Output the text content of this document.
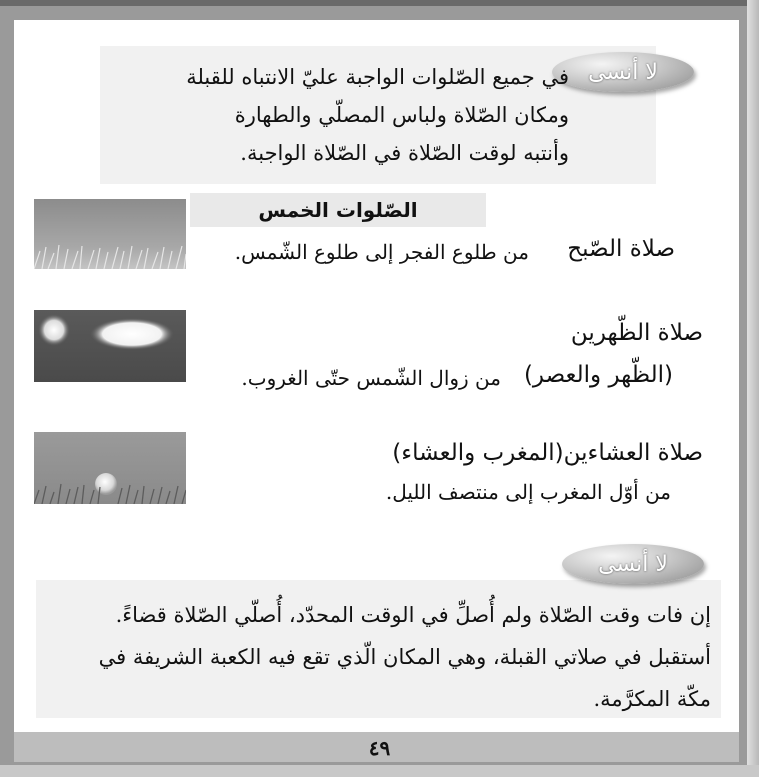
لا أنسى
في جميع الصّلوات الواجبة عليّ الانتباه للقبلة
ومكان الصّلاة ولباس المصلّي والطهارة
وأنتبه لوقت الصّلاة في الصّلاة الواجبة.
الصّلوات الخمس
صلاة الصّبح
من طلوع الفجر إلى طلوع الشّمس.
صلاة الظّهرين
(الظّهر والعصر)
من زوال الشّمس حتّى الغروب.
صلاة العشاءين(المغرب والعشاء)
من أوّل المغرب إلى منتصف الليل.
لا أنسى
إن فات وقت الصّلاة ولم أُصلِّ في الوقت المحدّد، أُصلّي الصّلاة قضاءً.
أستقبل في صلاتي القبلة، وهي المكان الّذي تقع فيه الكعبة الشريفة في
مكّة المكرَّمة.
٤٩
